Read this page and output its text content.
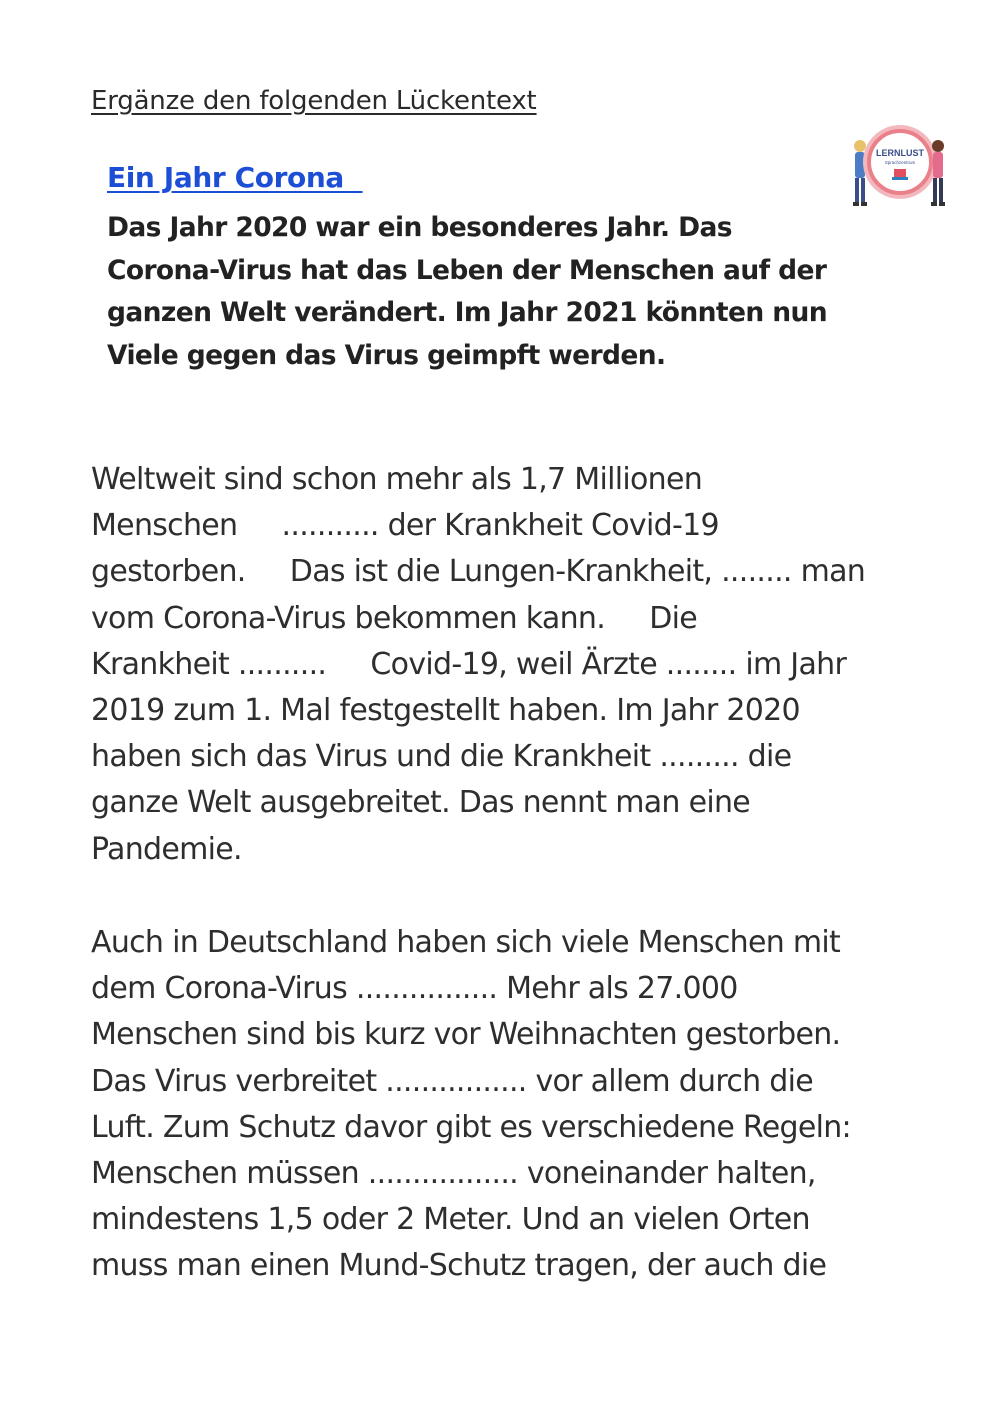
Ergänze den folgenden Lückentext
LERNLUST
Sprachzentrum
Ein Jahr Corona
Das Jahr 2020 war ein besonderes Jahr. Das
Corona-Virus hat das Leben der Menschen auf der
ganzen Welt verändert. Im Jahr 2021 könnten nun
Viele gegen das Virus geimpft werden.
Weltweit sind schon mehr als 1,7 Millionen
Menschen     ........... der Krankheit Covid-19
gestorben.     Das ist die Lungen-Krankheit, ........ man
vom Corona-Virus bekommen kann.     Die
Krankheit ..........     Covid-19, weil Ärzte ........ im Jahr
2019 zum 1. Mal festgestellt haben. Im Jahr 2020
haben sich das Virus und die Krankheit ......... die
ganze Welt ausgebreitet. Das nennt man eine
Pandemie.
Auch in Deutschland haben sich viele Menschen mit
dem Corona-Virus ................ Mehr als 27.000
Menschen sind bis kurz vor Weihnachten gestorben.
Das Virus verbreitet ................ vor allem durch die
Luft. Zum Schutz davor gibt es verschiedene Regeln:
Menschen müssen ................. voneinander halten,
mindestens 1,5 oder 2 Meter. Und an vielen Orten
muss man einen Mund-Schutz tragen, der auch die
